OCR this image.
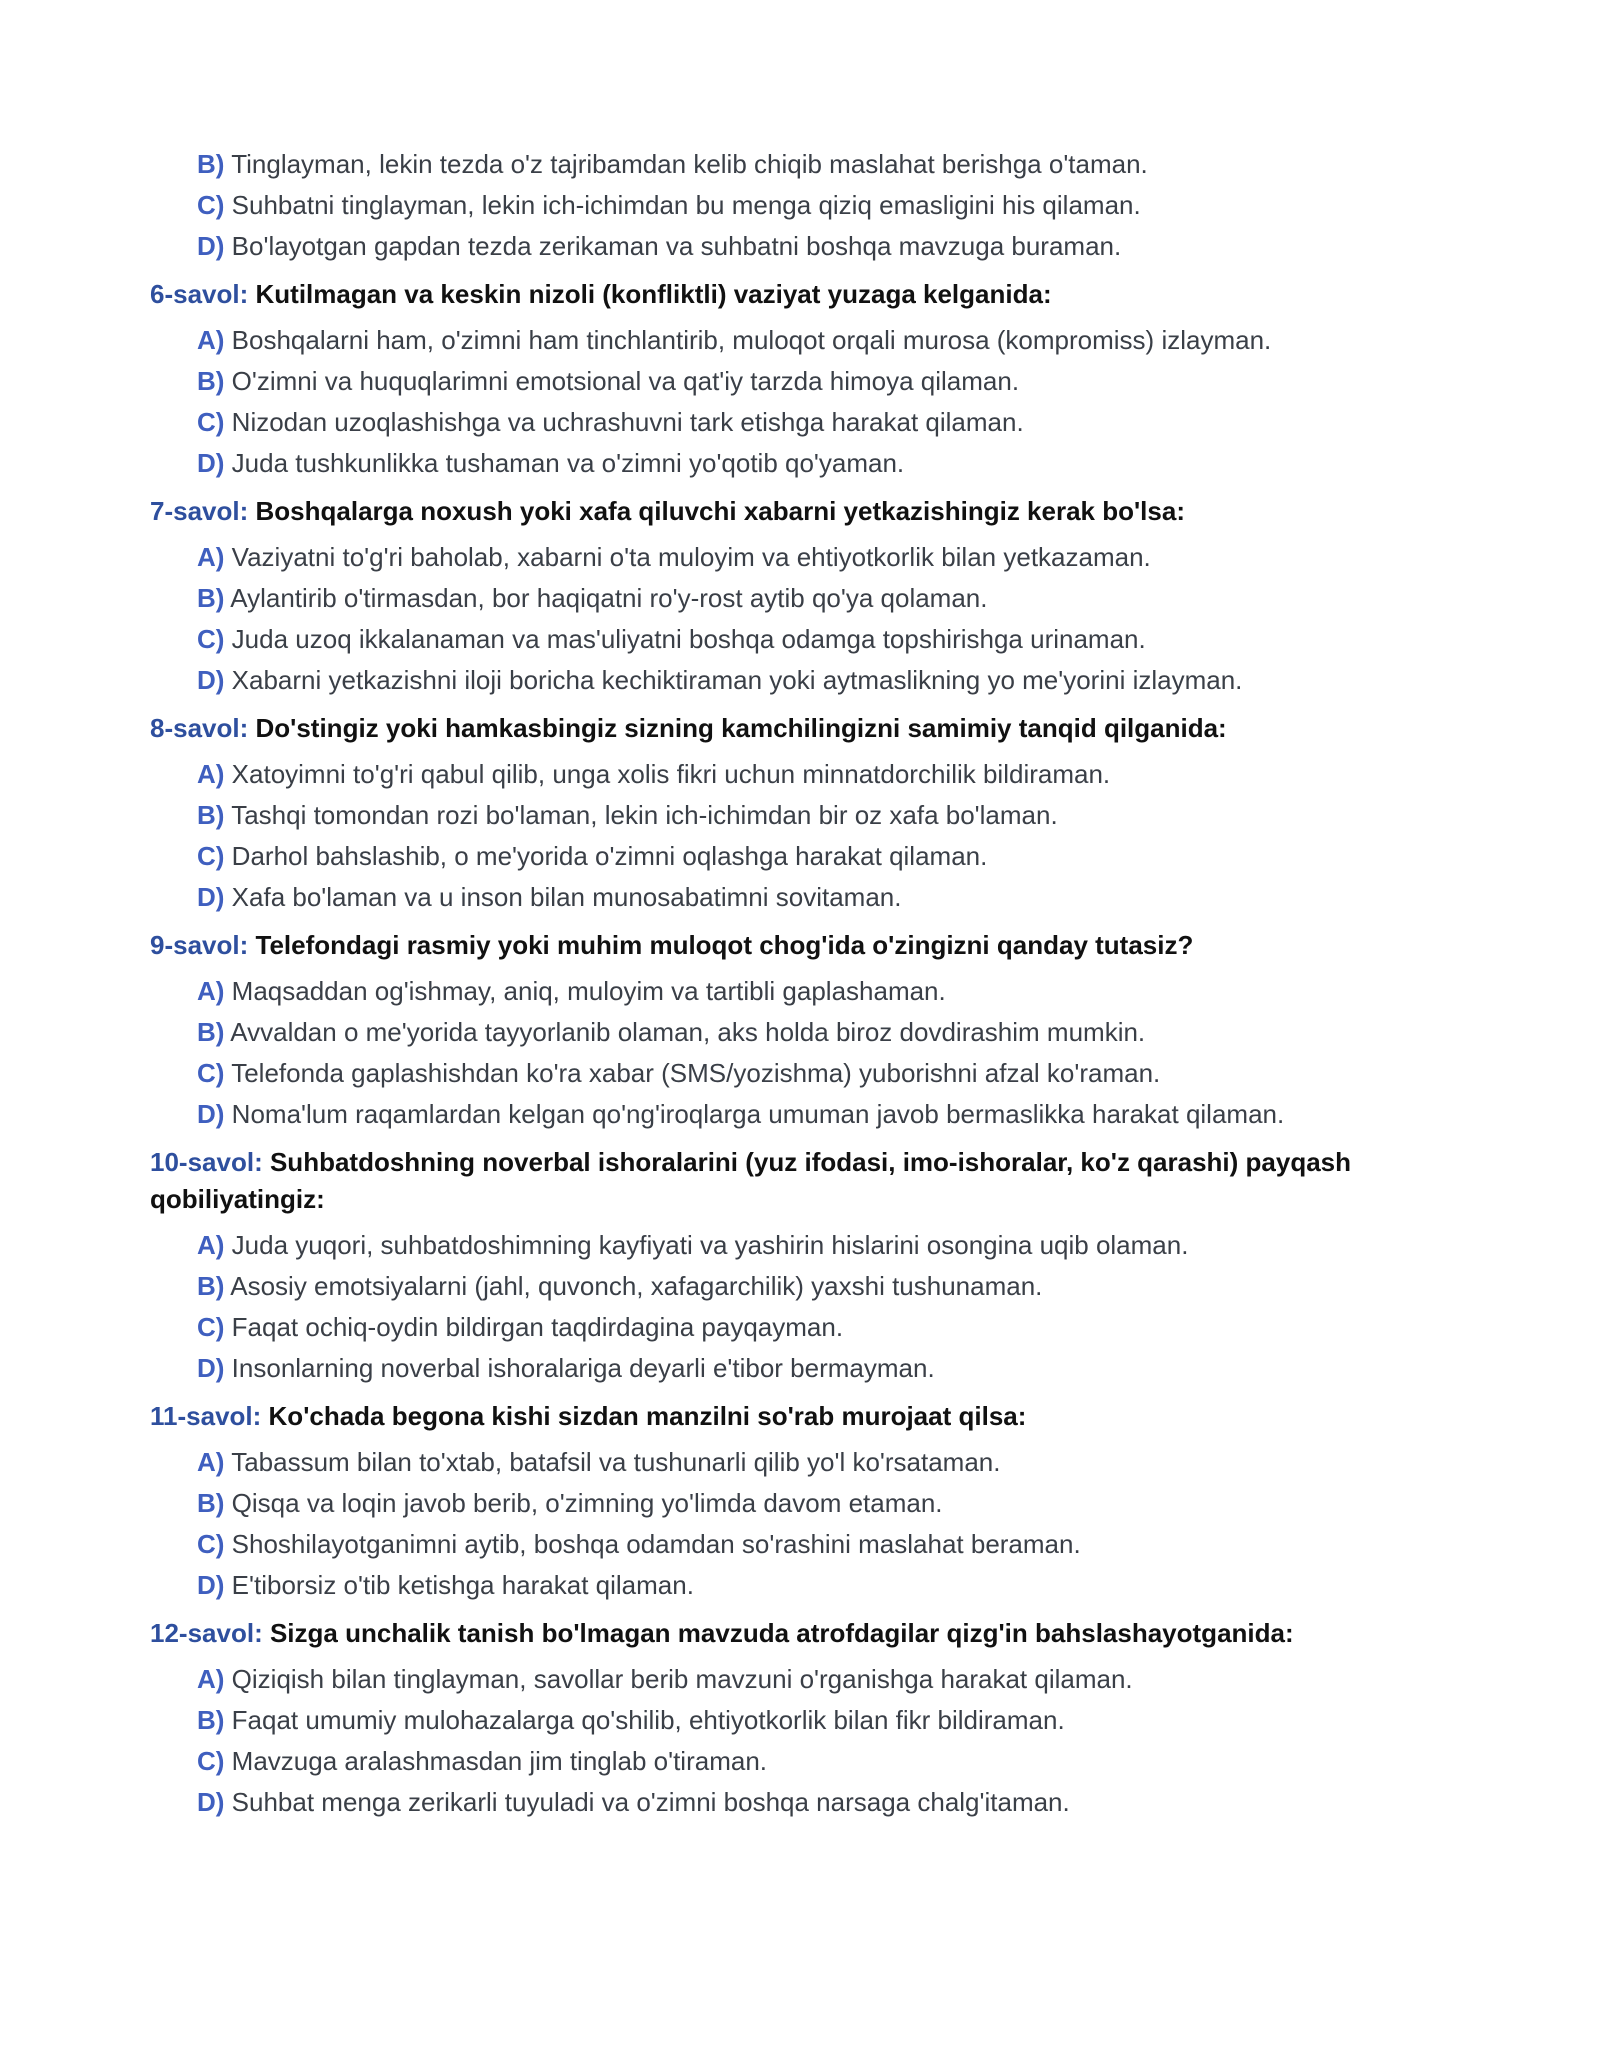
B) Tinglayman, lekin tezda o'z tajribamdan kelib chiqib maslahat berishga o'taman.
C) Suhbatni tinglayman, lekin ich-ichimdan bu menga qiziq emasligini his qilaman.
D) Bo'layotgan gapdan tezda zerikaman va suhbatni boshqa mavzuga buraman.
6-savol: Kutilmagan va keskin nizoli (konfliktli) vaziyat yuzaga kelganida:
A) Boshqalarni ham, o'zimni ham tinchlantirib, muloqot orqali murosa (kompromiss) izlayman.
B) O'zimni va huquqlarimni emotsional va qat'iy tarzda himoya qilaman.
C) Nizodan uzoqlashishga va uchrashuvni tark etishga harakat qilaman.
D) Juda tushkunlikka tushaman va o'zimni yo'qotib qo'yaman.
7-savol: Boshqalarga noxush yoki xafa qiluvchi xabarni yetkazishingiz kerak bo'lsa:
A) Vaziyatni to'g'ri baholab, xabarni o'ta muloyim va ehtiyotkorlik bilan yetkazaman.
B) Aylantirib o'tirmasdan, bor haqiqatni ro'y-rost aytib qo'ya qolaman.
C) Juda uzoq ikkalanaman va mas'uliyatni boshqa odamga topshirishga urinaman.
D) Xabarni yetkazishni iloji boricha kechiktiraman yoki aytmaslikning yo me'yorini izlayman.
8-savol: Do'stingiz yoki hamkasbingiz sizning kamchilingizni samimiy tanqid qilganida:
A) Xatoyimni to'g'ri qabul qilib, unga xolis fikri uchun minnatdorchilik bildiraman.
B) Tashqi tomondan rozi bo'laman, lekin ich-ichimdan bir oz xafa bo'laman.
C) Darhol bahslashib, o me'yorida o'zimni oqlashga harakat qilaman.
D) Xafa bo'laman va u inson bilan munosabatimni sovitaman.
9-savol: Telefondagi rasmiy yoki muhim muloqot chog'ida o'zingizni qanday tutasiz?
A) Maqsaddan og'ishmay, aniq, muloyim va tartibli gaplashaman.
B) Avvaldan o me'yorida tayyorlanib olaman, aks holda biroz dovdirashim mumkin.
C) Telefonda gaplashishdan ko'ra xabar (SMS/yozishma) yuborishni afzal ko'raman.
D) Noma'lum raqamlardan kelgan qo'ng'iroqlarga umuman javob bermaslikka harakat qilaman.
10-savol: Suhbatdoshning noverbal ishoralarini (yuz ifodasi, imo-ishoralar, ko'z qarashi) payqash qobiliyatingiz:
A) Juda yuqori, suhbatdoshimning kayfiyati va yashirin hislarini osongina uqib olaman.
B) Asosiy emotsiyalarni (jahl, quvonch, xafagarchilik) yaxshi tushunaman.
C) Faqat ochiq-oydin bildirgan taqdirdagina payqayman.
D) Insonlarning noverbal ishoralariga deyarli e'tibor bermayman.
11-savol: Ko'chada begona kishi sizdan manzilni so'rab murojaat qilsa:
A) Tabassum bilan to'xtab, batafsil va tushunarli qilib yo'l ko'rsataman.
B) Qisqa va loqin javob berib, o'zimning yo'limda davom etaman.
C) Shoshilayotganimni aytib, boshqa odamdan so'rashini maslahat beraman.
D) E'tiborsiz o'tib ketishga harakat qilaman.
12-savol: Sizga unchalik tanish bo'lmagan mavzuda atrofdagilar qizg'in bahslashayotganida:
A) Qiziqish bilan tinglayman, savollar berib mavzuni o'rganishga harakat qilaman.
B) Faqat umumiy mulohazalarga qo'shilib, ehtiyotkorlik bilan fikr bildiraman.
C) Mavzuga aralashmasdan jim tinglab o'tiraman.
D) Suhbat menga zerikarli tuyuladi va o'zimni boshqa narsaga chalg'itaman.
